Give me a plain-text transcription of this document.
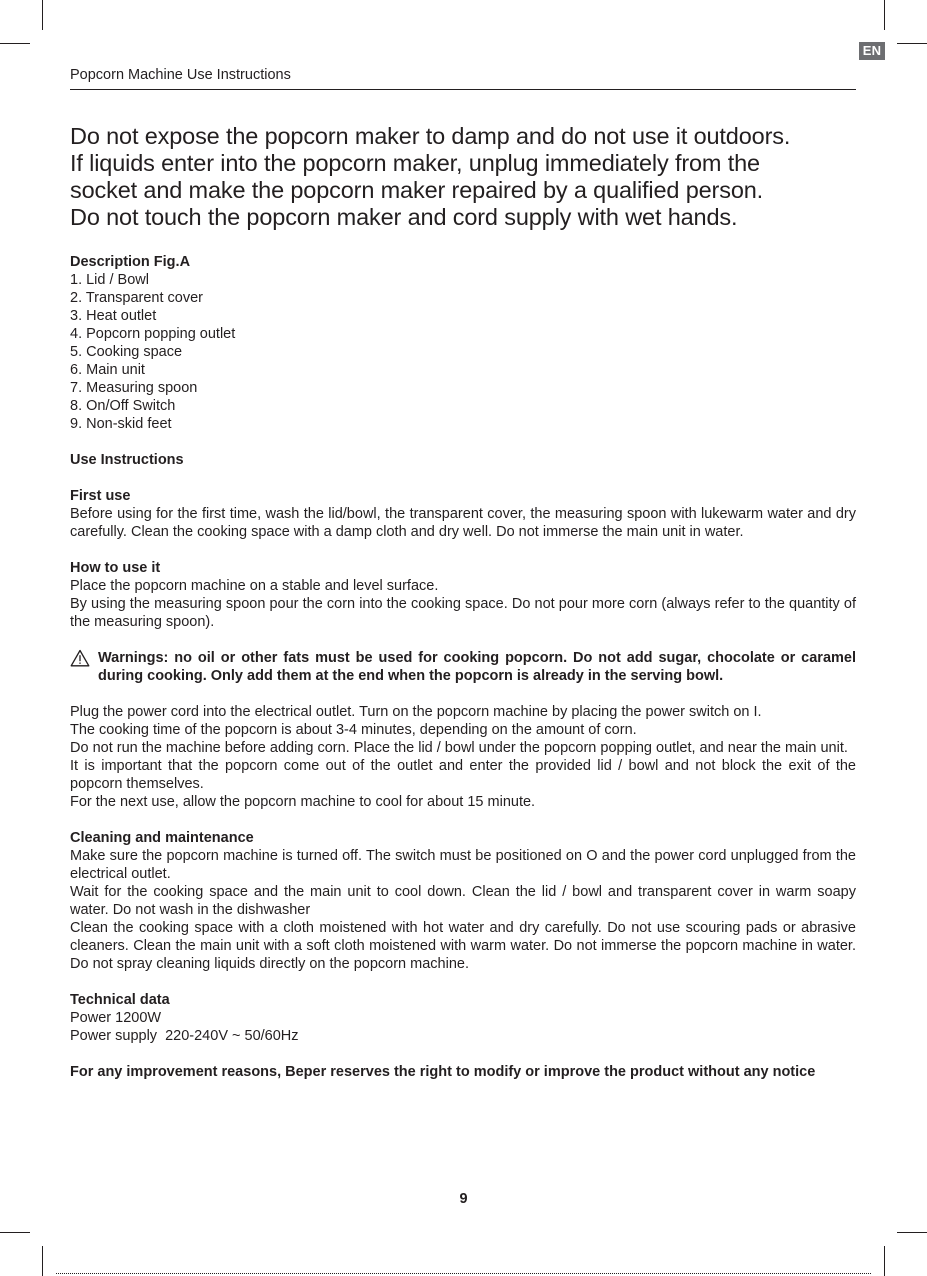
EN
Popcorn Machine Use Instructions

Do not expose the popcorn maker to damp and do not use it outdoors.

If liquids enter into the popcorn maker, unplug immediately from the

socket and make the popcorn maker repaired by a qualified person.

Do not touch the popcorn maker and cord supply with wet hands.

Description Fig.A

1. Lid / Bowl

2. Transparent cover

3. Heat outlet

4. Popcorn popping outlet

5. Cooking space

6. Main unit

7. Measuring spoon

8. On/Off Switch

9. Non-skid feet

Use Instructions

First use

Before using for the first time, wash the lid/bowl, the transparent cover, the measuring spoon with lukewarm water and dry carefully. Clean the cooking space with a damp cloth and dry well. Do not immerse the main unit in water.

How to use it

Place the popcorn machine on a stable and level surface.

By using the measuring spoon pour the corn into the cooking space. Do not pour more corn (always refer to the quantity of the measuring spoon).

Warnings: no oil or other fats must be used for cooking popcorn. Do not add sugar, chocolate or caramel during cooking. Only add them at the end when the popcorn is already in the serving bowl.

Plug the power cord into the electrical outlet. Turn on the popcorn machine by placing the power switch on I.

The cooking time of the popcorn is about 3-4 minutes, depending on the amount of corn.

Do not run the machine before adding corn. Place the lid / bowl under the popcorn popping outlet, and near the main unit.

It is important that the popcorn come out of the outlet and enter the provided lid / bowl and not block the exit of the popcorn themselves.

For the next use, allow the popcorn machine to cool for about 15 minute.

Cleaning and maintenance

Make sure the popcorn machine is turned off. The switch must be positioned on O and the power cord unplugged from the electrical outlet.

Wait for the cooking space and the main unit to cool down. Clean the lid / bowl and transparent cover in warm soapy water. Do not wash in the dishwasher

Clean the cooking space with a cloth moistened with hot water and dry carefully. Do not use scouring pads or abrasive cleaners. Clean the main unit with a soft cloth moistened with warm water. Do not immerse the popcorn machine in water. Do not spray cleaning liquids directly on the popcorn machine.

Technical data

Power 1200W

Power supply  220-240V ~ 50/60Hz

For any improvement reasons, Beper reserves the right to modify or improve the product without any notice

9
